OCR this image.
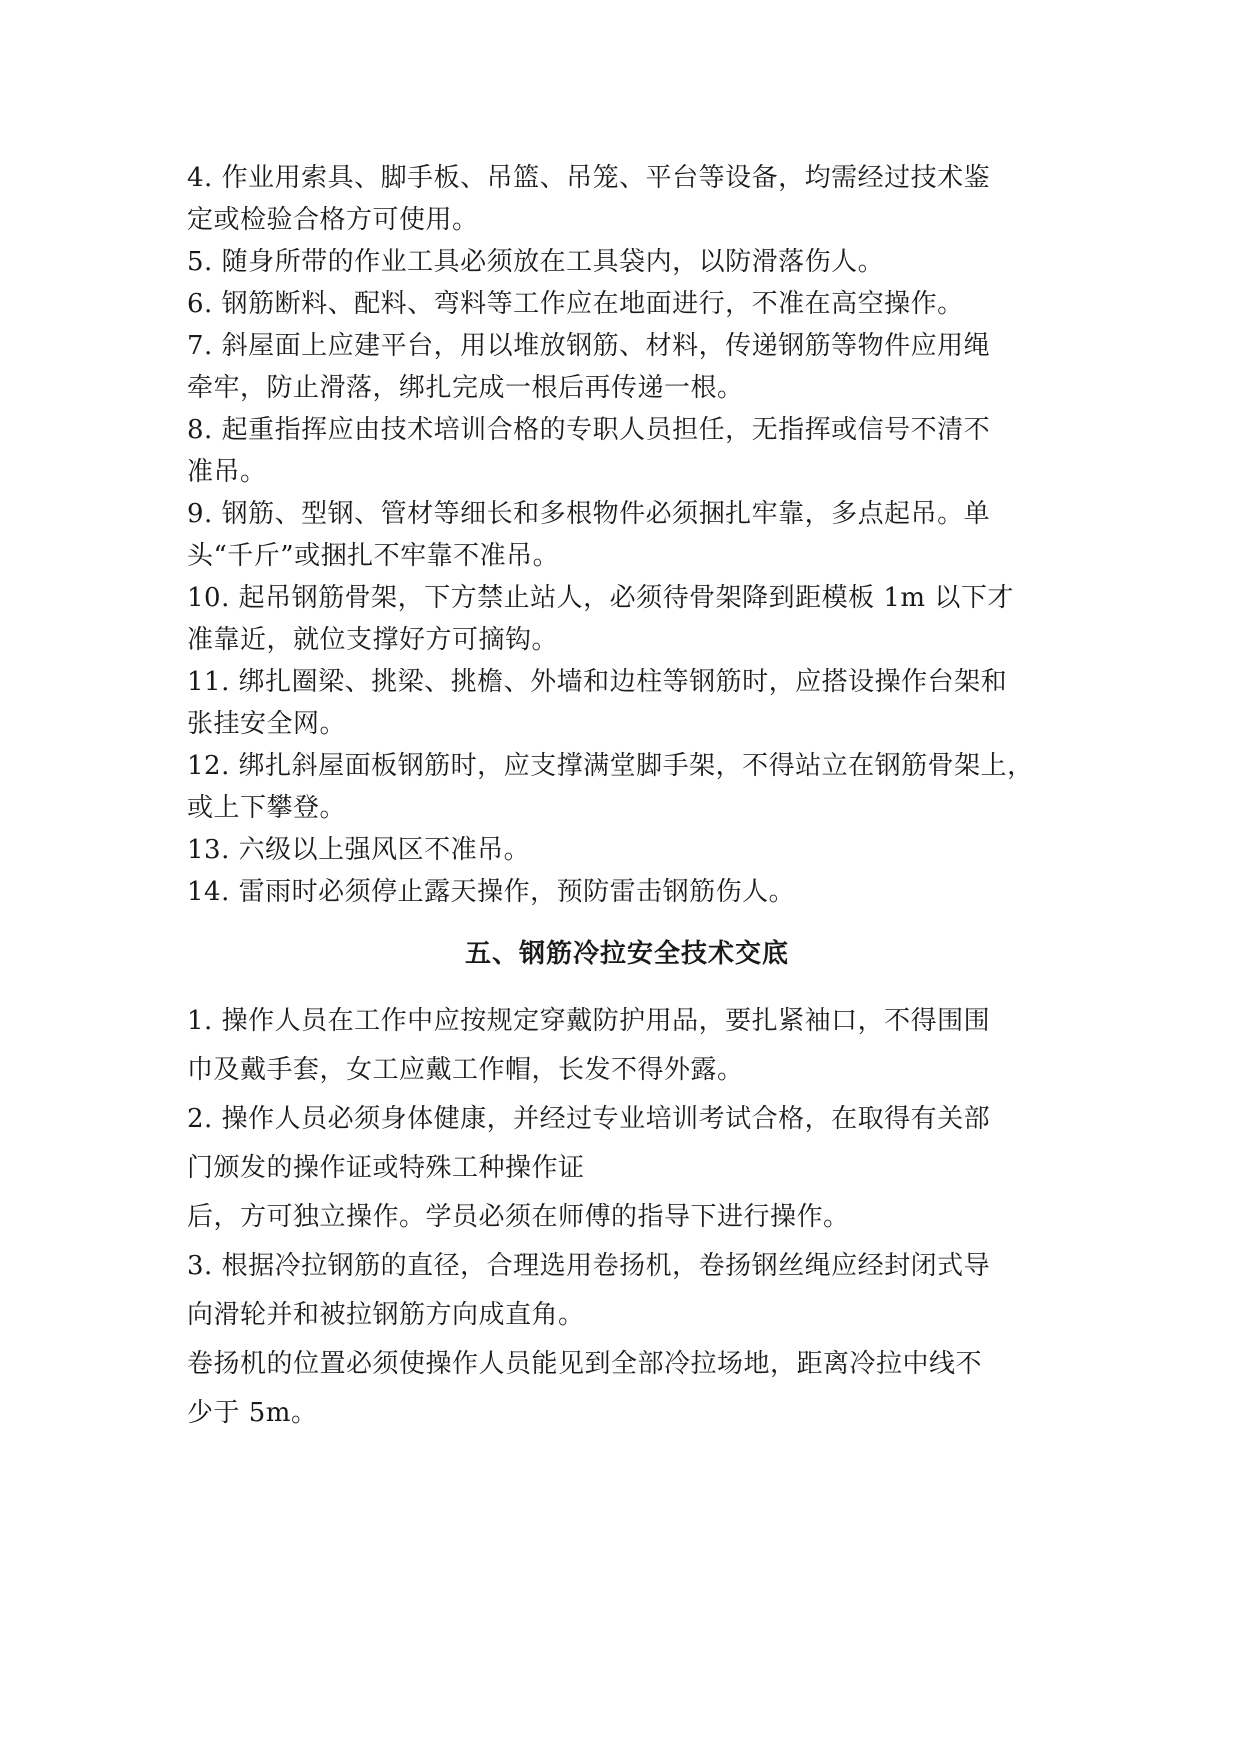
4. 作业用索具、脚手板、吊篮、吊笼、平台等设备，均需经过技术鉴
定或检验合格方可使用。
5. 随身所带的作业工具必须放在工具袋内，以防滑落伤人。
6. 钢筋断料、配料、弯料等工作应在地面进行，不准在高空操作。
7. 斜屋面上应建平台，用以堆放钢筋、材料，传递钢筋等物件应用绳
牵牢，防止滑落，绑扎完成一根后再传递一根。
8. 起重指挥应由技术培训合格的专职人员担任，无指挥或信号不清不
准吊。
9. 钢筋、型钢、管材等细长和多根物件必须捆扎牢靠，多点起吊。单
头“千斤”或捆扎不牢靠不准吊。
10. 起吊钢筋骨架，下方禁止站人，必须待骨架降到距模板 1m 以下才
准靠近，就位支撑好方可摘钩。
11. 绑扎圈梁、挑梁、挑檐、外墙和边柱等钢筋时，应搭设操作台架和
张挂安全网。
12. 绑扎斜屋面板钢筋时，应支撑满堂脚手架，不得站立在钢筋骨架上，
或上下攀登。
13. 六级以上强风区不准吊。
14. 雷雨时必须停止露天操作，预防雷击钢筋伤人。
五、钢筋冷拉安全技术交底
1. 操作人员在工作中应按规定穿戴防护用品，要扎紧袖口，不得围围
巾及戴手套，女工应戴工作帽，长发不得外露。
2. 操作人员必须身体健康，并经过专业培训考试合格，在取得有关部
门颁发的操作证或特殊工种操作证
后，方可独立操作。学员必须在师傅的指导下进行操作。
3. 根据冷拉钢筋的直径，合理选用卷扬机，卷扬钢丝绳应经封闭式导
向滑轮并和被拉钢筋方向成直角。
卷扬机的位置必须使操作人员能见到全部冷拉场地，距离冷拉中线不
少于 5m。
